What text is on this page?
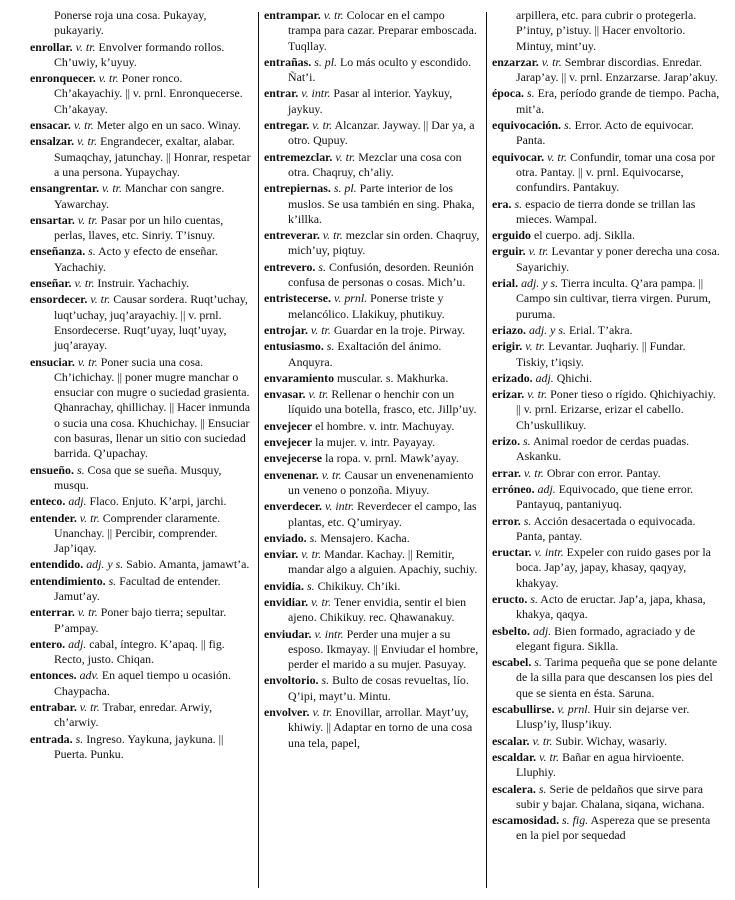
Ponerse roja una cosa. Pukayay, pukayariy.

enrollar. v. tr. Envolver formando rollos. Ch’uwiy, k’uyuy.

enronquecer. v. tr. Poner ronco. Ch’akayachiy. || v. prnl. Enronquecerse. Ch’akayay.

ensacar. v. tr. Meter algo en un saco. Winay.

ensalzar. v. tr. Engrandecer, exaltar, alabar. Sumaqchay, jatunchay. || Honrar, respetar a una persona. Yupaychay.

ensangrentar. v. tr. Manchar con sangre. Yawarchay.

ensartar. v. tr. Pasar por un hilo cuentas, perlas, llaves, etc. Sinriy. T’isnuy.

enseñanza. s. Acto y efecto de enseñar. Yachachiy.

enseñar. v. tr. Instruir. Yachachiy.

ensordecer. v. tr. Causar sordera. Ruqt’uchay, luqt’uchay, juq’arayachiy. || v. prnl. Ensordecerse. Ruqt’uyay, luqt’uyay, juq’arayay.

ensuciar. v. tr. Poner sucia una cosa. Ch’ichichay. || poner mugre manchar o ensuciar con mugre o suciedad grasienta. Qhanrachay, qhillichay. || Hacer inmunda o sucia una cosa. Khuchichay. || Ensuciar con basuras, llenar un sitio con suciedad barrida. Q’upachay.

ensueño. s. Cosa que se sueña. Musquy, musqu.

enteco. adj. Flaco. Enjuto. K’arpi, jarchi.

entender. v. tr. Comprender claramente. Unanchay. || Percibir, comprender. Jap’iqay.

entendido. adj. y s. Sabio. Amanta, jamawt’a.

entendimiento. s. Facultad de entender. Jamut’ay.

enterrar. v. tr. Poner bajo tierra; sepultar. P’ampay.

entero. adj. cabal, íntegro. K’apaq. || fig. Recto, justo. Chiqan.

entonces. adv. En aquel tiempo u ocasión. Chaypacha.

entrabar. v. tr. Trabar, enredar. Arwiy, ch’arwiy.

entrada. s. Ingreso. Yaykuna, jaykuna. || Puerta. Punku.

entrampar. v. tr. Colocar en el campo trampa para cazar. Preparar emboscada. Tuqllay.

entrañas. s. pl. Lo más oculto y escondido. Ñat’i.

entrar. v. intr. Pasar al interior. Yaykuy, jaykuy.

entregar. v. tr. Alcanzar. Jayway. || Dar ya, a otro. Qupuy.

entremezclar. v. tr. Mezclar una cosa con otra. Chaqruy, ch’aliy.

entrepiernas. s. pl. Parte interior de los muslos. Se usa también en sing. Phaka, k’illka.

entreverar. v. tr. mezclar sin orden. Chaqruy, mich’uy, piqtuy.

entrevero. s. Confusión, desorden. Reunión confusa de personas o cosas. Mich’u.

entristecerse. v. prnl. Ponerse triste y melancólico. Llakikuy, phutikuy.

entrojar. v. tr. Guardar en la troje. Pirway.

entusiasmo. s. Exaltación del ánimo. Anquyra.

envaramiento muscular. s. Makhurka.

envasar. v. tr. Rellenar o henchir con un líquido una botella, frasco, etc. Jillp’uy.

envejecer el hombre. v. intr. Machuyay.

envejecer la mujer. v. intr. Payayay.

envejecerse la ropa. v. prnl. Mawk’ayay.

envenenar. v. tr. Causar un envenenamiento un veneno o ponzoña. Miyuy.

enverdecer. v. intr. Reverdecer el campo, las plantas, etc. Q’umiryay.

enviado. s. Mensajero. Kacha.

enviar. v. tr. Mandar. Kachay. || Remitir, mandar algo a alguien. Apachiy, suchiy.

envidia. s. Chikikuy. Ch’iki.

envidiar. v. tr. Tener envidia, sentir el bien ajeno. Chikikuy. rec. Qhawanakuy.

enviudar. v. intr. Perder una mujer a su esposo. Ikmayay. || Enviudar el hombre, perder el marido a su mujer. Pasuyay.

envoltorio. s. Bulto de cosas revueltas, lío. Q’ipi, mayt’u. Mintu.

envolver. v. tr. Enovillar, arrollar. Mayt’uy, khiwiy. || Adaptar en torno de una cosa una tela, papel,

arpillera, etc. para cubrir o protegerla. P’intuy, p’istuy. || Hacer envoltorio. Mintuy, mint’uy.

enzarzar. v. tr. Sembrar discordias. Enredar. Jarap’ay. || v. prnl. Enzarzarse. Jarap’akuy.

época. s. Era, período grande de tiempo. Pacha, mit’a.

equivocación. s. Error. Acto de equivocar. Panta.

equivocar. v. tr. Confundir, tomar una cosa por otra. Pantay. || v. prnl. Equivocarse, confundirs. Pantakuy.

era. s. espacio de tierra donde se trillan las mieces. Wampal.

erguido el cuerpo. adj. Siklla.

erguir. v. tr. Levantar y poner derecha una cosa. Sayarichiy.

erial. adj. y s. Tierra inculta. Q’ara pampa. || Campo sin cultivar, tierra virgen. Purum, puruma.

eriazo. adj. y s. Erial. T’akra.

erigir. v. tr. Levantar. Juqhariy. || Fundar. Tiskiy, t’iqsiy.

erizado. adj. Qhichi.

erizar. v. tr. Poner tieso o rígido. Qhichiyachiy. || v. prnl. Erizarse, erizar el cabello. Ch’uskullikuy.

erizo. s. Animal roedor de cerdas puadas. Askanku.

errar. v. tr. Obrar con error. Pantay.

erróneo. adj. Equivocado, que tiene error. Pantayuq, pantaniyuq.

error. s. Acción desacertada o equivocada. Panta, pantay.

eructar. v. intr. Expeler con ruido gases por la boca. Jap’ay, japay, khasay, qaqyay, khakyay.

eructo. s. Acto de eructar. Jap’a, japa, khasa, khakya, qaqya.

esbelto. adj. Bien formado, agraciado y de elegant figura. Siklla.

escabel. s. Tarima pequeña que se pone delante de la silla para que descansen los pies del que se sienta en ésta. Saruna.

escabullirse. v. prnl. Huir sin dejarse ver. Llusp’iy, llusp’ikuy.

escalar. v. tr. Subir. Wichay, wasariy.

escaldar. v. tr. Bañar en agua hirvioente. Lluphiy.

escalera. s. Serie de peldaños que sirve para subir y bajar. Chalana, siqana, wichana.

escamosidad. s. fig. Aspereza que se presenta en la piel por sequedad
